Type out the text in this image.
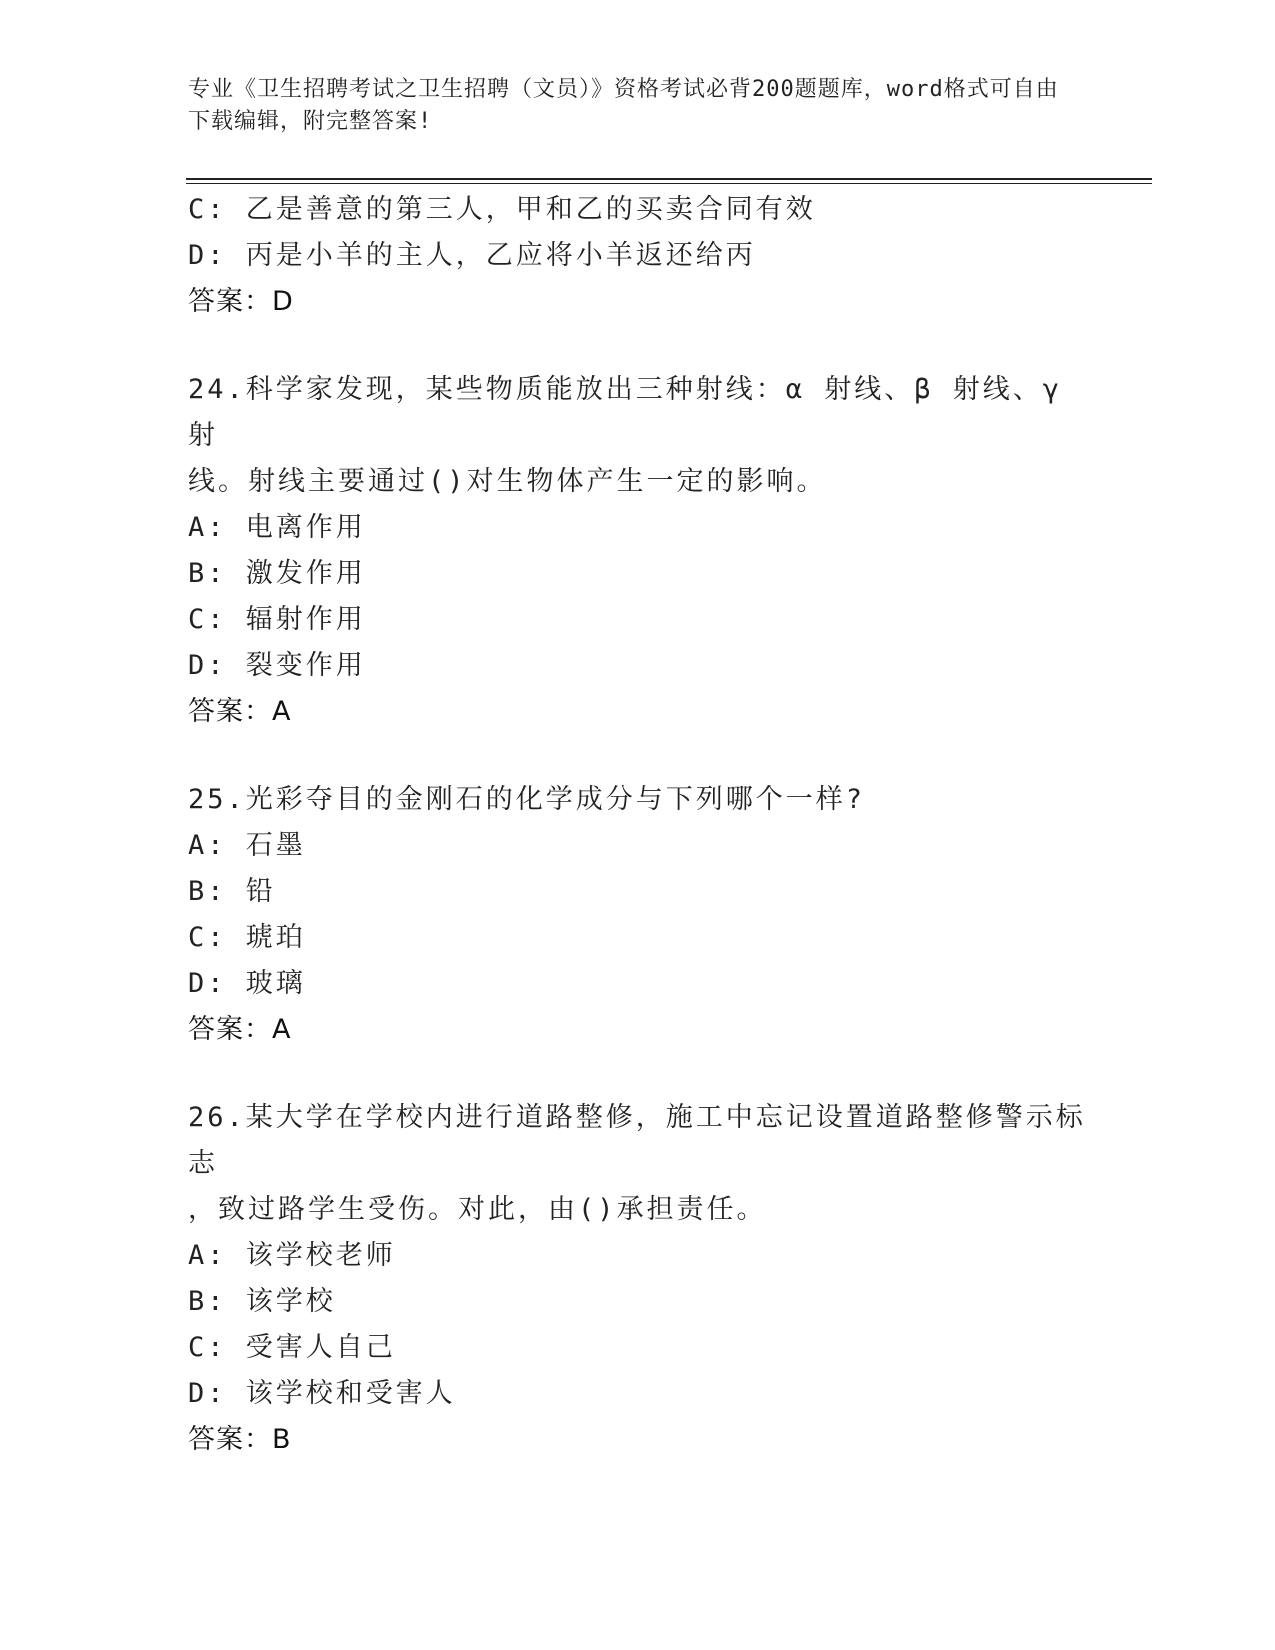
专业《卫生招聘考试之卫生招聘（文员）》资格考试必背200题题库，word格式可自由下载编辑，附完整答案!
C: 乙是善意的第三人，甲和乙的买卖合同有效
D: 丙是小羊的主人，乙应将小羊返还给丙
答案：D
24.科学家发现，某些物质能放出三种射线：α 射线、β 射线、γ 射
线。射线主要通过()对生物体产生一定的影响。
A: 电离作用
B: 激发作用
C: 辐射作用
D: 裂变作用
答案：A
25.光彩夺目的金刚石的化学成分与下列哪个一样?
A: 石墨
B: 铅
C: 琥珀
D: 玻璃
答案：A
26.某大学在学校内进行道路整修，施工中忘记设置道路整修警示标志
，致过路学生受伤。对此，由()承担责任。
A: 该学校老师
B: 该学校
C: 受害人自己
D: 该学校和受害人
答案：B
